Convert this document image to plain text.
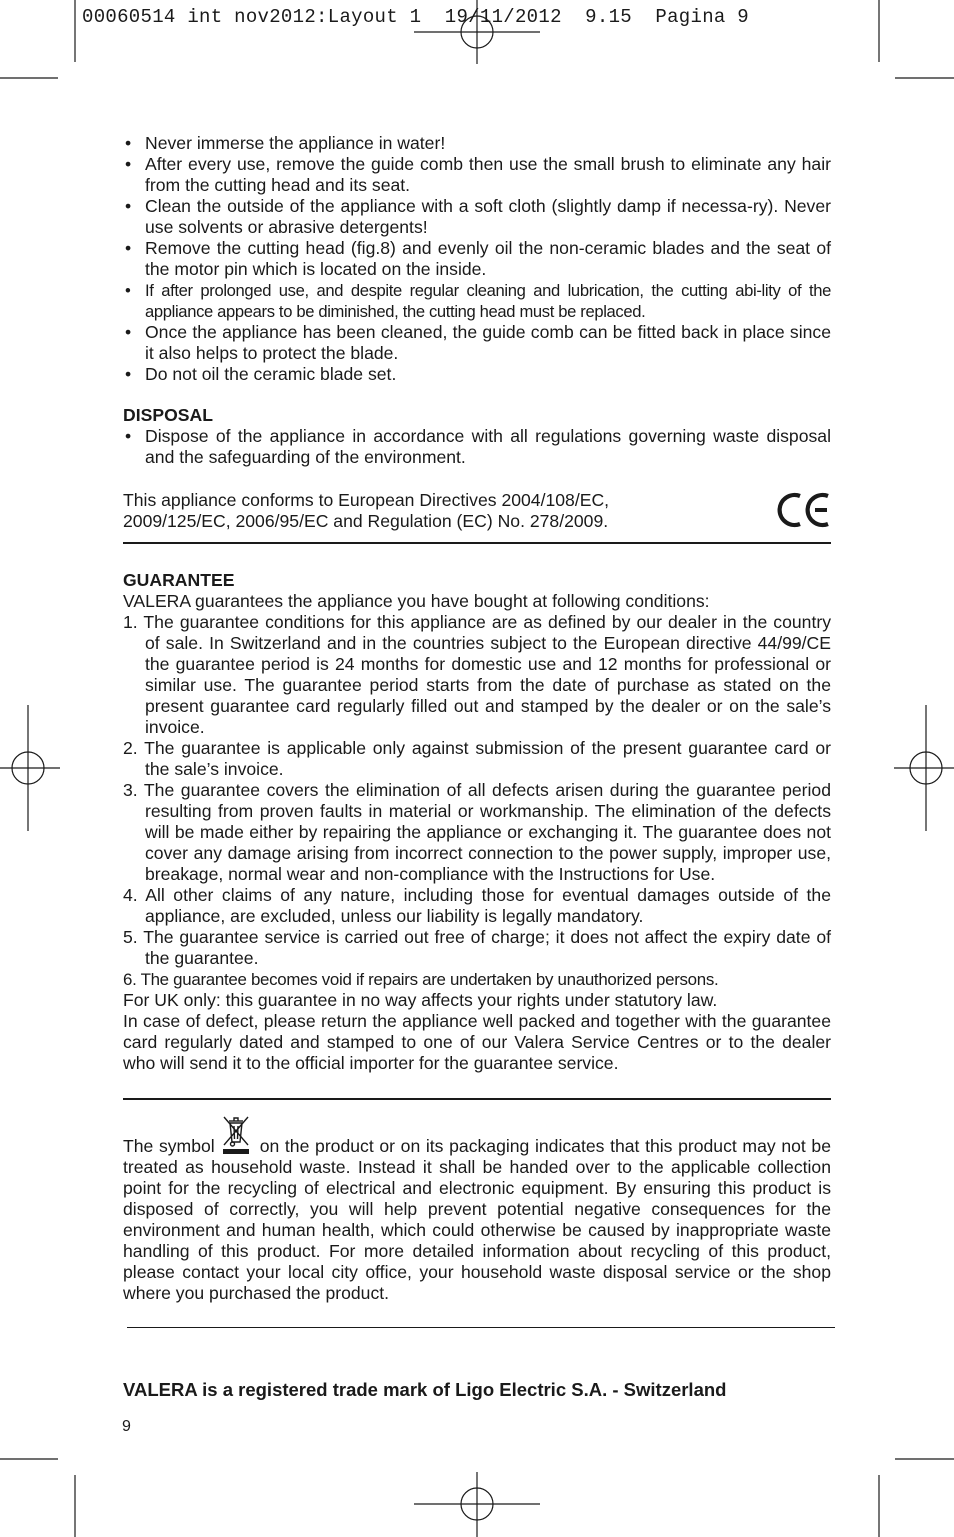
00060514 int nov2012:Layout 1  19/11/2012  9.15  Pagina 9
• Never immerse the appliance in water!
• After every use, remove the guide comb then use the small brush to eliminate any hair from the cutting head and its seat.
• Clean the outside of the appliance with a soft cloth (slightly damp if necessa-ry). Never use solvents or abrasive detergents!
• Remove the cutting head (fig.8) and evenly oil the non-ceramic blades and the seat of the motor pin which is located on the inside.
• If after prolonged use, and despite regular cleaning and lubrication, the cutting abi-lity of the appliance appears to be diminished, the cutting head must be replaced.
• Once the appliance has been cleaned, the guide comb can be fitted back in place since it also helps to protect the blade.
• Do not oil the ceramic blade set.

DISPOSAL

• Dispose of the appliance in accordance with all regulations governing waste disposal and the safeguarding of the environment.

This appliance conforms to European Directives 2004/108/EC, 2009/125/EC, 2006/95/EC and Regulation (EC) No. 278/2009.

GUARANTEE

VALERA guarantees the appliance you have bought at following conditions:

1. The guarantee conditions for this appliance are as defined by our dealer in the country of sale. In Switzerland and in the countries subject to the European directive 44/99/CE the guarantee period is 24 months for domestic use and 12 months for professional or similar use. The guarantee period starts from the date of purchase as stated on the present guarantee card regularly filled out and stamped by the dealer or on the sale’s invoice.
2. The guarantee is applicable only against submission of the present guarantee card or the sale’s invoice.
3. The guarantee covers the elimination of all defects arisen during the guarantee period resulting from proven faults in material or workmanship. The elimination of the defects will be made either by repairing the appliance or exchanging it. The guarantee does not cover any damage arising from incorrect connection to the power supply, improper use, breakage, normal wear and non-compliance with the Instructions for Use.
4. All other claims of any nature, including those for eventual damages outside of the appliance, are excluded, unless our liability is legally mandatory.
5. The guarantee service is carried out free of charge; it does not affect the expiry date of the guarantee.
6. The guarantee becomes void if repairs are undertaken by unauthorized persons.

For UK only: this guarantee in no way affects your rights under statutory law.

In case of defect, please return the appliance well packed and together with the guarantee card regularly dated and stamped to one of our Valera Service Centres or to the dealer who will send it to the official importer for the guarantee service.

The symbol	on the product or on its packaging indicates that this product may not be treated as household waste. Instead it shall be handed over to the applicable collection point for the recycling of electrical and electronic equipment. By ensuring this product is disposed of correctly, you will help prevent potential negative consequences for the environment and human health, which could otherwise be caused by inappropriate waste handling of this product. For more detailed information about recycling of this product, please contact your local city office, your household waste disposal service or the shop where you purchased the product.

VALERA is a registered trade mark of Ligo Electric S.A. - Switzerland
9
